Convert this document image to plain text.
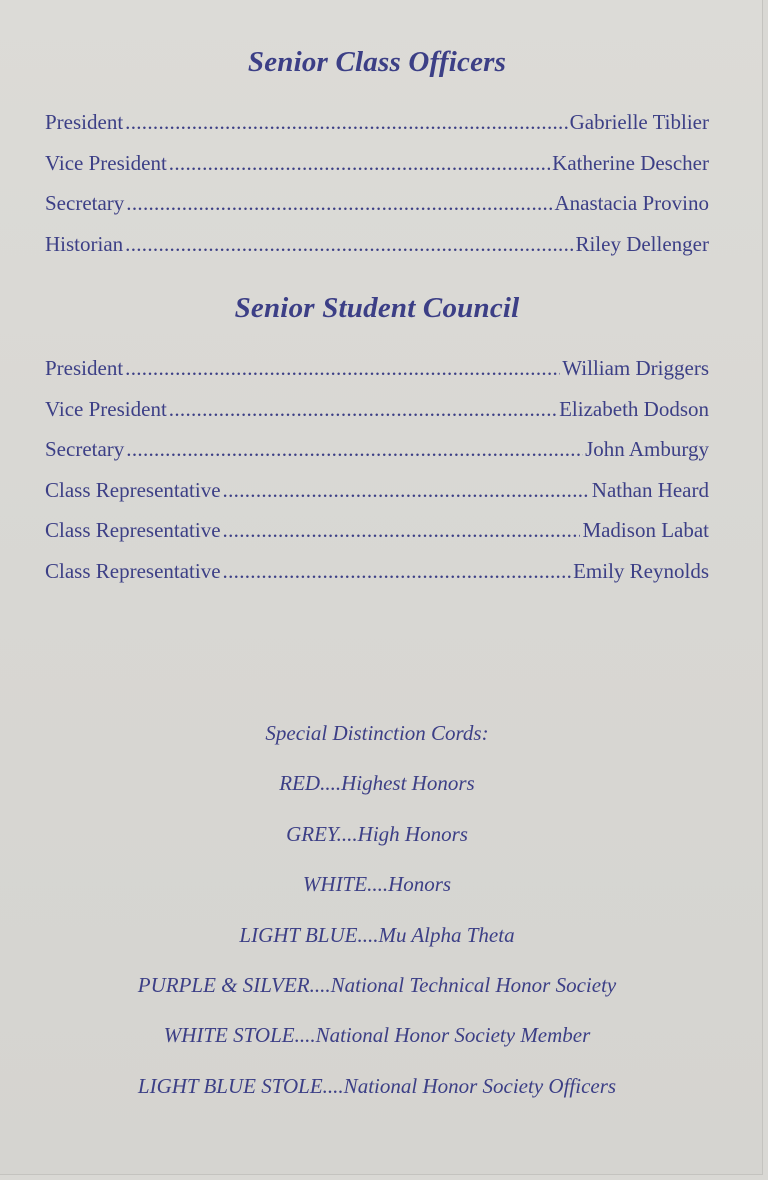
Senior Class Officers
President .....	Gabrielle Tiblier
Vice President .....	Katherine Descher
Secretary .....	Anastacia Provino
Historian .....	Riley Dellenger
Senior Student Council
President .....	William Driggers
Vice President .....	Elizabeth Dodson
Secretary .....	John Amburgy
Class Representative .....	Nathan Heard
Class Representative .....	Madison Labat
Class Representative .....	Emily Reynolds
Special Distinction Cords:
RED....Highest Honors
GREY....High Honors
WHITE....Honors
LIGHT BLUE....Mu Alpha Theta
PURPLE & SILVER....National Technical Honor Society
WHITE STOLE....National Honor Society Member
LIGHT BLUE STOLE....National Honor Society Officers
